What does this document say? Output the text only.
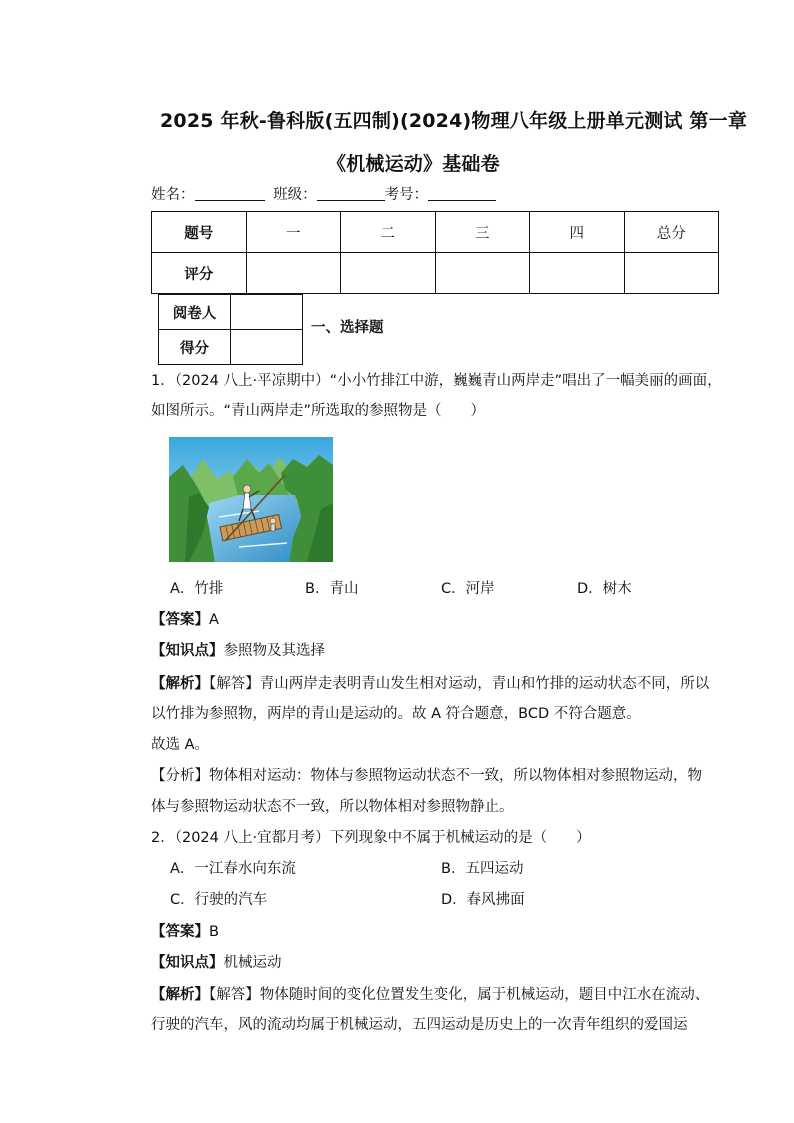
2025 年秋-鲁科版(五四制)(2024)物理八年级上册单元测试 第一章
《机械运动》基础卷
姓名：	班级：	考号：
题号	一	二	三	四	总分
评分					
阅卷人	
得分	
一、选择题
1．（2024 八上·平凉期中）“小小竹排江中游，巍巍青山两岸走”唱出了一幅美丽的画面，
如图所示。“青山两岸走”所选取的参照物是（　　）
A．竹排	B．青山	C．河岸	D．树木
【答案】A
【知识点】参照物及其选择
【解析】【解答】青山两岸走表明青山发生相对运动，青山和竹排的运动状态不同，所以
以竹排为参照物，两岸的青山是运动的。故 A 符合题意，BCD 不符合题意。
故选 A。
【分析】物体相对运动：物体与参照物运动状态不一致，所以物体相对参照物运动，物
体与参照物运动状态不一致，所以物体相对参照物静止。
2．（2024 八上·宜都月考）下列现象中不属于机械运动的是（　　）
A．一江春水向东流	B．五四运动
C．行驶的汽车	D．春风拂面
【答案】B
【知识点】机械运动
【解析】【解答】物体随时间的变化位置发生变化，属于机械运动，题目中江水在流动、
行驶的汽车，风的流动均属于机械运动，五四运动是历史上的一次青年组织的爱国运
